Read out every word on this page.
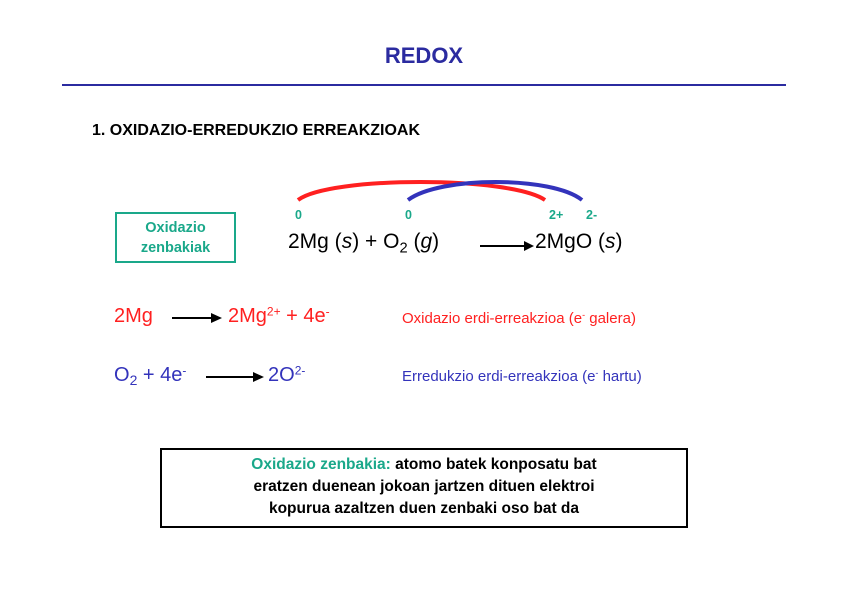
REDOX
1. OXIDAZIO-ERREDUKZIO ERREAKZIOAK
Oxidazio
zenbakiak
0	0	2+ 2-
2Mg $(s) + O_2$ (g)	2MgO (s)
2Mg	$2Mg^{2+} + 4e^-$	Oxidazio erdi-erreakzioa (e- galera)
$O_2 + 4e^-$	$2O^{2-}$	Erredukzio erdi-erreakzioa (e- hartu)
Oxidazio zenbakia: atomo batek konposatu bat
eratzen duenean jokoan jartzen dituen elektroi
kopurua azaltzen duen zenbaki oso bat da
